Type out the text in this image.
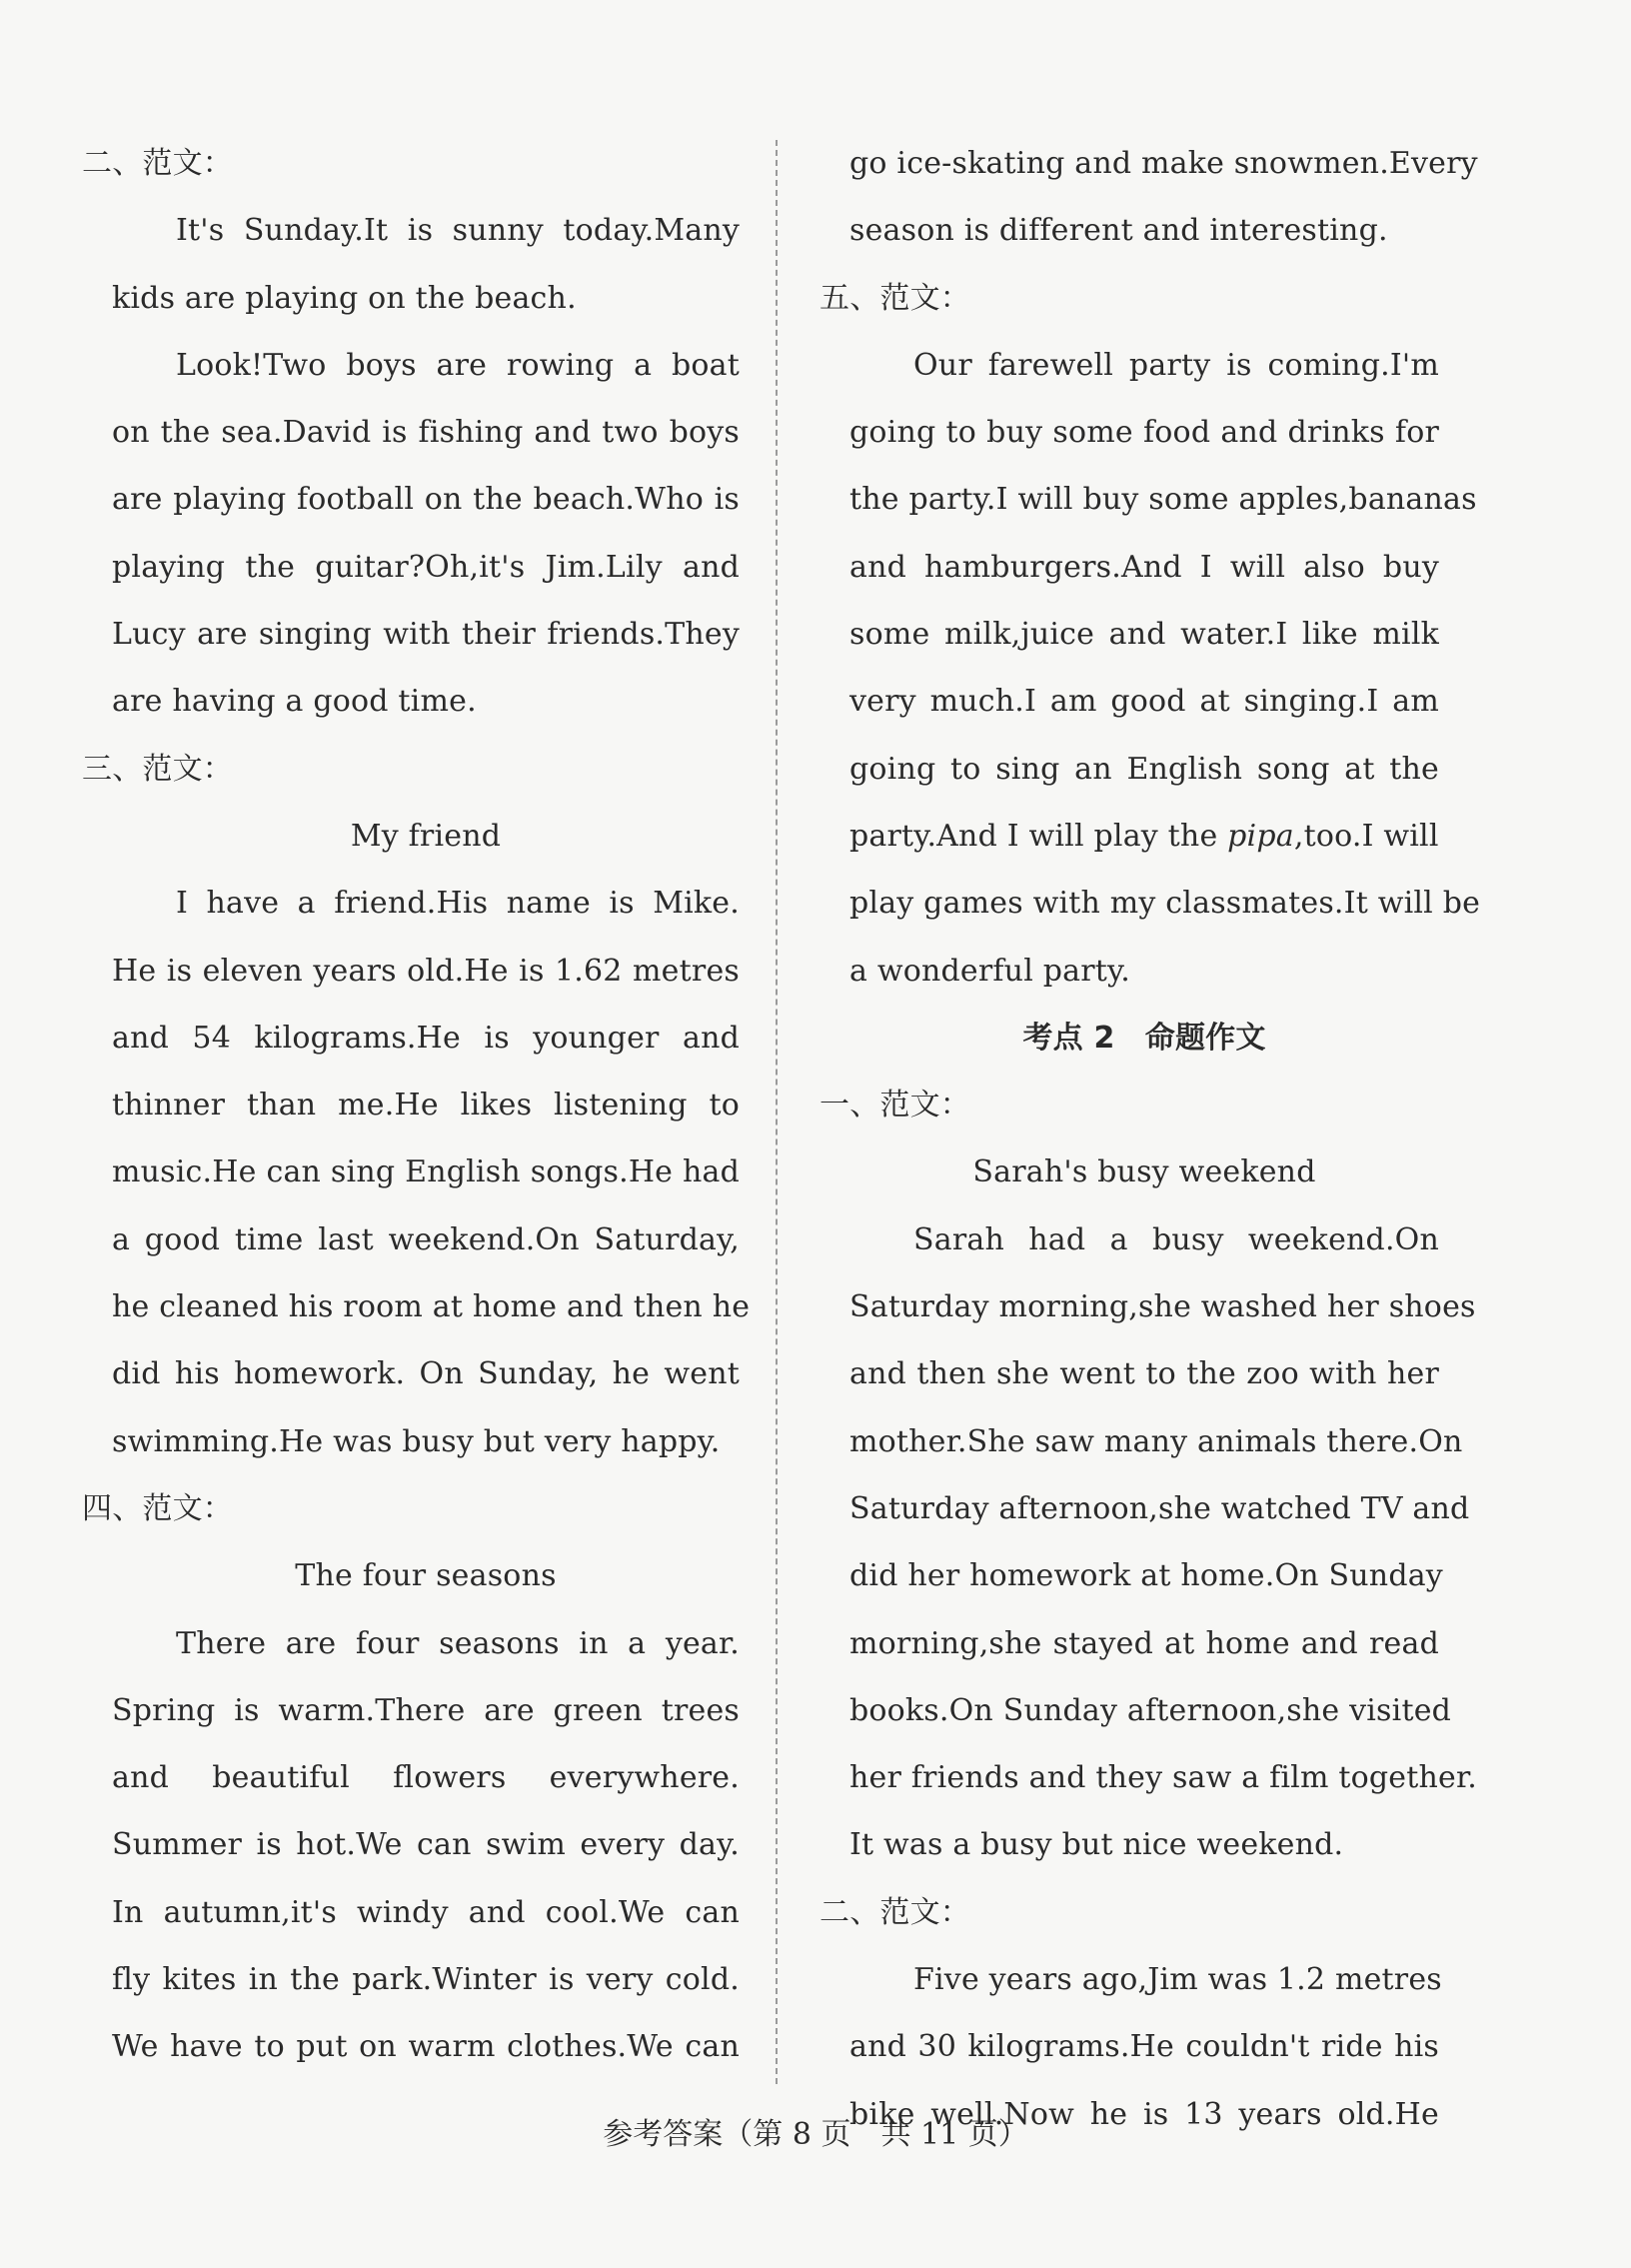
二、范文：
It's Sunday.It is sunny today.Many
kids are playing on the beach.
Look!Two boys are rowing a boat
on the sea.David is fishing and two boys
are playing football on the beach.Who is
playing the guitar?Oh,it's Jim.Lily and
Lucy are singing with their friends.They
are having a good time.
三、范文：
My friend
I have a friend.His name is Mike.
He is eleven years old.He is 1.62 metres
and 54 kilograms.He is younger and
thinner than me.He likes listening to
music.He can sing English songs.He had
a good time last weekend.On Saturday,
he cleaned his room at home and then he
did his homework. On Sunday, he went
swimming.He was busy but very happy.
四、范文：
The four seasons
There are four seasons in a year.
Spring is warm.There are green trees
and beautiful flowers everywhere.
Summer is hot.We can swim every day.
In autumn,it's windy and cool.We can
fly kites in the park.Winter is very cold.
We have to put on warm clothes.We can
go ice-skating and make snowmen.Every
season is different and interesting.
五、范文：
Our farewell party is coming.I'm
going to buy some food and drinks for
the party.I will buy some apples,bananas
and hamburgers.And I will also buy
some milk,juice and water.I like milk
very much.I am good at singing.I am
going to sing an English song at the
party.And I will play the pipa,too.I will
play games with my classmates.It will be
a wonderful party.
考点 2　命题作文
一、范文：
Sarah's busy weekend
Sarah had a busy weekend.On
Saturday morning,she washed her shoes
and then she went to the zoo with her
mother.She saw many animals there.On
Saturday afternoon,she watched TV and
did her homework at home.On Sunday
morning,she stayed at home and read
books.On Sunday afternoon,she visited
her friends and they saw a film together.
It was a busy but nice weekend.
二、范文：
Five years ago,Jim was 1.2 metres
and 30 kilograms.He couldn't ride his
bike well.Now he is 13 years old.He
参考答案（第 8 页　共 11 页）
